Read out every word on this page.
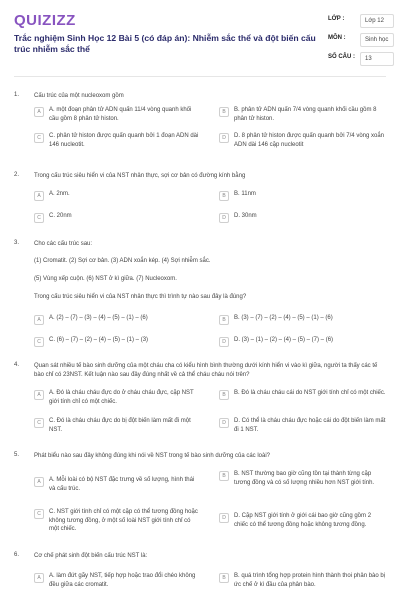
QUIZIZZ
Trắc nghiệm Sinh Học 12 Bài 5 (có đáp án): Nhiễm sắc thể và đột biến cấu trúc nhiễm sắc thể
LỚP :	Lớp 12
MÔN :	Sinh học
SỐ CÂU :	13
1.	Cấu trúc của một nucleoxom gồm
A	A. một đoạn phân tử ADN quấn 11/4 vòng quanh khối cầu gồm 8 phân tử histon.
B	B. phân tử ADN quấn 7/4 vòng quanh khối cầu gồm 8 phân tử histon.
C	C. phân tử histon được quấn quanh bởi 1 đoạn ADN dài 146 nucleotit.
D	D. 8 phân tử histon được quấn quanh bởi 7/4 vòng xoắn ADN dài 146 cặp nucleotit
2.	Trong cấu trúc siêu hiển vi của NST nhân thực, sợi cơ bản có đường kính bằng
A	A. 2nm.	B	B. 11nm
C	C. 20nm	D	D. 30nm
3.	Cho các cấu trúc sau:
(1) Cromatit. (2) Sợi cơ bản. (3) ADN xoắn kép. (4) Sợi nhiễm sắc.
(5) Vùng xếp cuộn. (6) NST ở kì giữa. (7) Nucleoxom.
Trong cấu trúc siêu hiển vi của NST nhân thực thì trình tự nào sau đây là đúng?
A	A. (2) – (7) – (3) – (4) – (5) – (1) – (6)	B	B. (3) – (7) – (2) – (4) – (5) – (1) – (6)
C	C. (6) – (7) – (2) – (4) – (5) – (1) – (3)	D	D. (3) – (1) – (2) – (4) – (5) – (7) – (6)
4.	Quan sát nhiều tế bào sinh dưỡng của một cháu cha có kiểu hình bình thường dưới kính hiển vi vào kì giữa, người ta thấy các tế bào chỉ có 23NST. Kết luận nào sau đây đúng nhất về cả thể cháu cháu nói trên?
A	A. Đó là cháu cháu đực do ở cháu cháu đực, cặp NST giới tính chỉ có một chiếc.
B	B. Đó là cháu cháu cái do NST giới tính chỉ có một chiếc.
C	C. Đó là cháu cháu đực do bị đột biến làm mất đi một NST.
D	D. Có thể là cháu cháu đực hoặc cái do đột biến làm mất đi 1 NST.
5.	Phát biểu nào sau đây không đúng khi nói về NST trong tế bào sinh dưỡng của các loài?
A	A. Mỗi loài có bộ NST đặc trưng về số lượng, hình thái và cấu trúc.
B	B. NST thường bao giờ cũng tồn tại thành từng cặp tương đồng và có số lượng nhiều hơn NST giới tính.
C	C. NST giới tính chỉ có một cặp có thể tương đồng hoặc không tương đồng, ở một số loài NST giới tính chỉ có một chiếc.
D	D. Cặp NST giới tính ở giới cái bao giờ cũng gồm 2 chiếc có thể tương đồng hoặc không tương đồng.
6.	Cơ chế phát sinh đột biến cấu trúc NST là:
A	A. làm đứt gãy NST, tiếp hợp hoặc trao đổi chéo không đều giữa các cromatit.
B	B. quá trình tổng hợp protein hình thành thoi phân bào bị ức chế ở kì đầu của phân bào.
